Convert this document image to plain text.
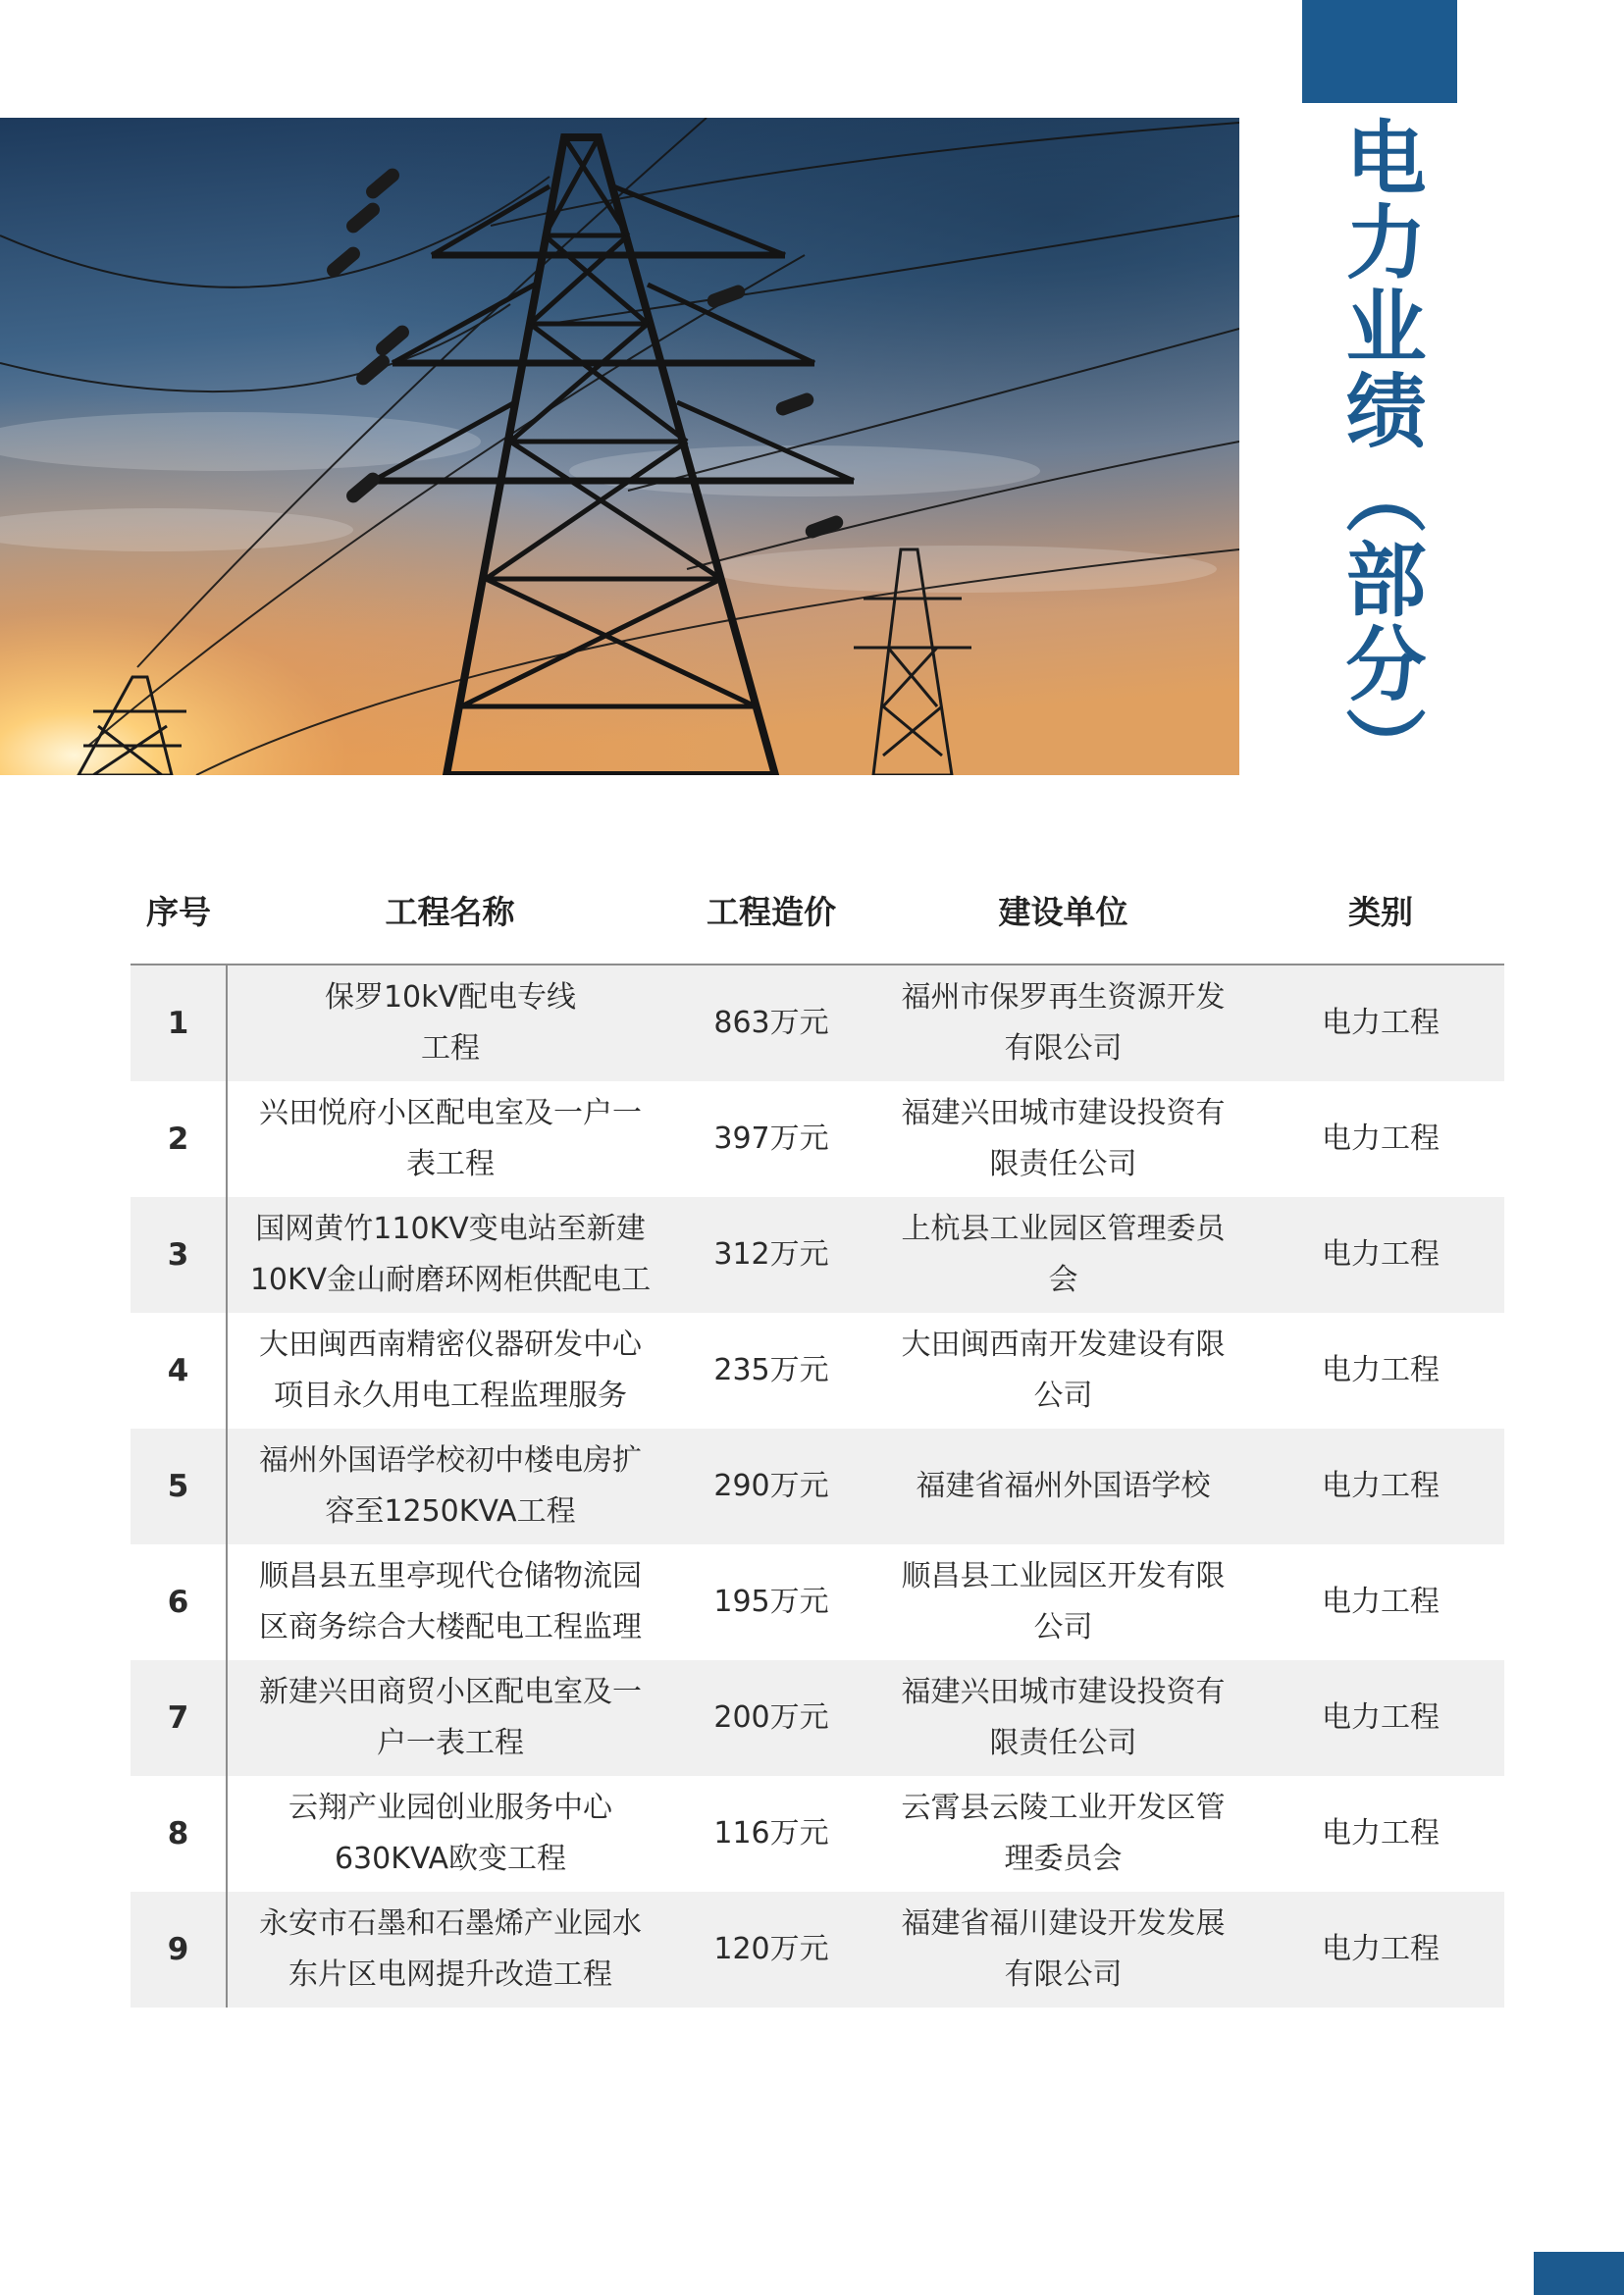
电力业绩（部分）
序号	工程名称	工程造价	建设单位	类别
1	保罗10kV配电专线工程	863万元	福州市保罗再生资源开发有限公司	电力工程
2	兴田悦府小区配电室及一户一表工程	397万元	福建兴田城市建设投资有限责任公司	电力工程
3	国网黄竹110KV变电站至新建10KV金山耐磨环网柜供配电工	312万元	上杭县工业园区管理委员会	电力工程
4	大田闽西南精密仪器研发中心项目永久用电工程监理服务	235万元	大田闽西南开发建设有限公司	电力工程
5	福州外国语学校初中楼电房扩容至1250KVA工程	290万元	福建省福州外国语学校	电力工程
6	顺昌县五里亭现代仓储物流园区商务综合大楼配电工程监理	195万元	顺昌县工业园区开发有限公司	电力工程
7	新建兴田商贸小区配电室及一户一表工程	200万元	福建兴田城市建设投资有限责任公司	电力工程
8	云翔产业园创业服务中心630KVA欧变工程	116万元	云霄县云陵工业开发区管理委员会	电力工程
9	永安市石墨和石墨烯产业园水东片区电网提升改造工程	120万元	福建省福川建设开发发展有限公司	电力工程
